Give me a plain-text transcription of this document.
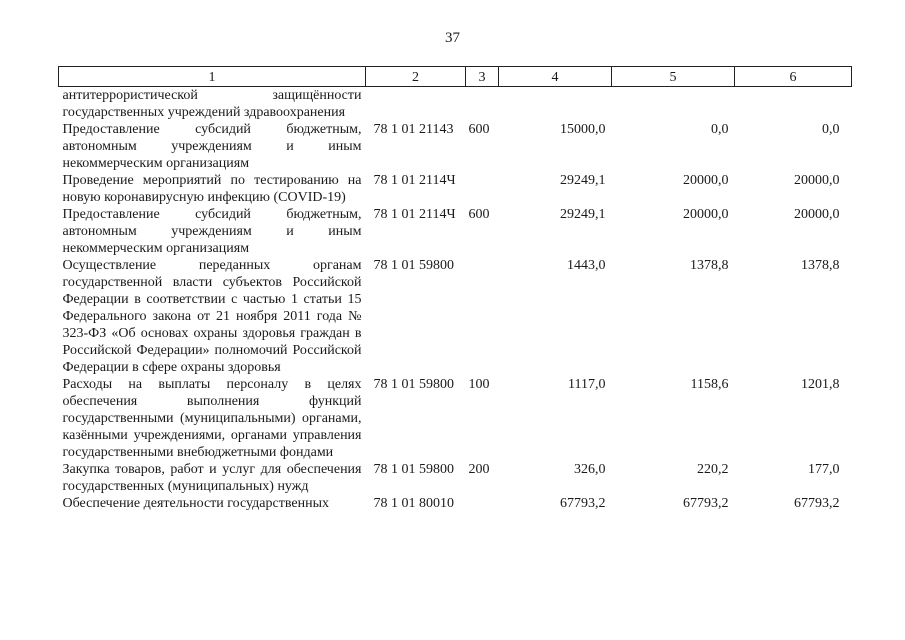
37
1	2	3	4	5	6
антитеррористической защищённости государственных учреждений здравоохранения					
Предоставление субсидий бюджетным, автономным учреждениям и иным некоммерческим организациям	78 1 01 21143	600	15000,0	0,0	0,0
Проведение мероприятий по тестированию на новую коронавирусную инфекцию (COVID-19)	78 1 01 2114Ч		29249,1	20000,0	20000,0
Предоставление субсидий бюджетным, автономным учреждениям и иным некоммерческим организациям	78 1 01 2114Ч	600	29249,1	20000,0	20000,0
Осуществление переданных органам государственной власти субъектов Российской Федерации в соответствии с частью 1 статьи 15 Федерального закона от 21 ноября 2011 года № 323-ФЗ «Об основах охраны здоровья граждан в Российской Федерации» полномочий Российской Федерации в сфере охраны здоровья	78 1 01 59800		1443,0	1378,8	1378,8
Расходы на выплаты персоналу в целях обеспечения выполнения функций государственными (муниципальными) органами, казёнными учреждениями, органами управления государственными внебюджетными фондами	78 1 01 59800	100	1117,0	1158,6	1201,8
Закупка товаров, работ и услуг для обеспечения государственных (муниципальных) нужд	78 1 01 59800	200	326,0	220,2	177,0
Обеспечение деятельности государственных	78 1 01 80010		67793,2	67793,2	67793,2
